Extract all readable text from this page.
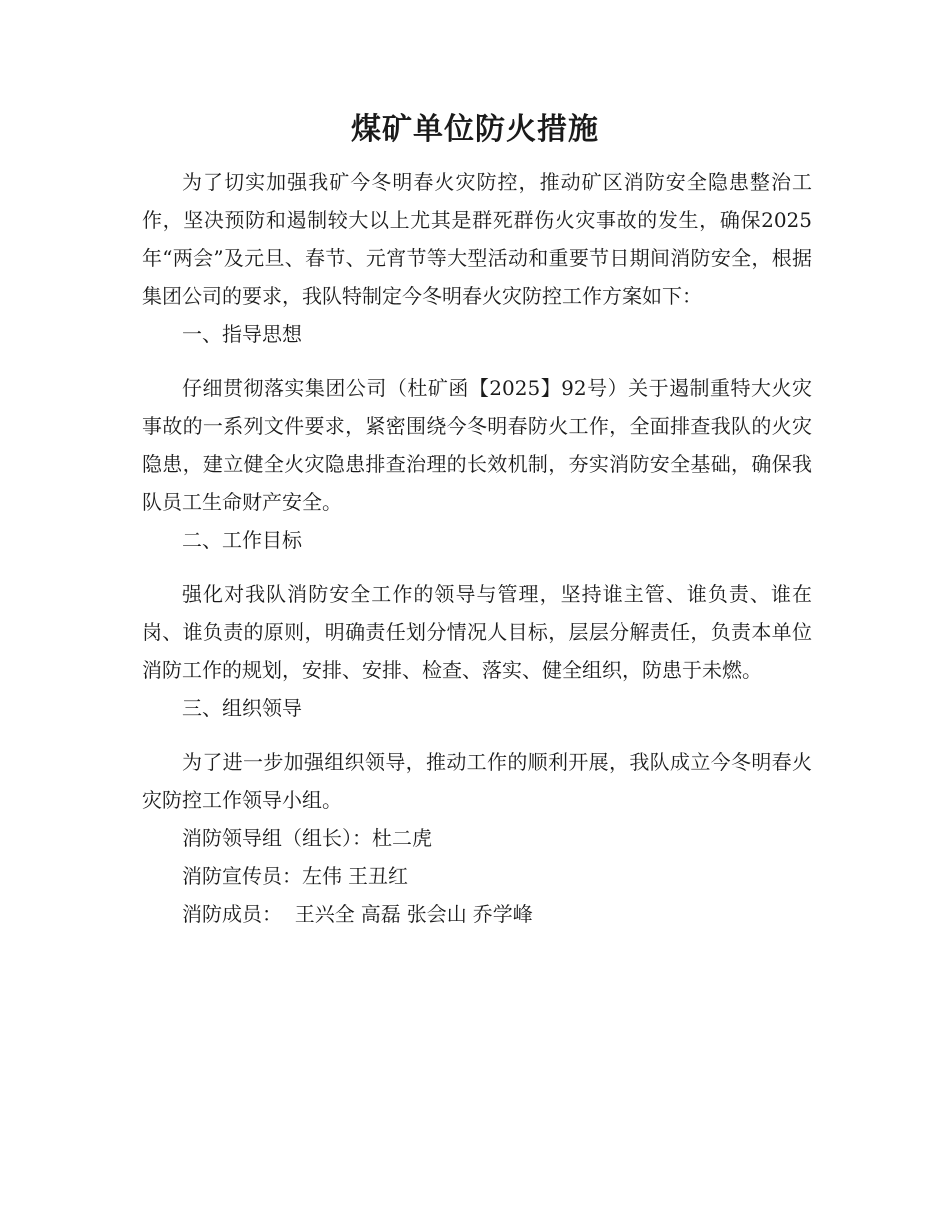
煤矿单位防火措施

为了切实加强我矿今冬明春火灾防控，推动矿区消防安全隐患整治工作，坚决预防和遏制较大以上尤其是群死群伤火灾事故的发生，确保2025年“两会”及元旦、春节、元宵节等大型活动和重要节日期间消防安全，根据集团公司的要求，我队特制定今冬明春火灾防控工作方案如下：

一、指导思想

仔细贯彻落实集团公司（杜矿函【2025】92号）关于遏制重特大火灾事故的一系列文件要求，紧密围绕今冬明春防火工作，全面排查我队的火灾隐患，建立健全火灾隐患排查治理的长效机制，夯实消防安全基础，确保我队员工生命财产安全。

二、工作目标

强化对我队消防安全工作的领导与管理，坚持谁主管、谁负责、谁在岗、谁负责的原则，明确责任划分情况人目标，层层分解责任，负责本单位消防工作的规划，安排、安排、检查、落实、健全组织，防患于未燃。

三、组织领导

为了进一步加强组织领导，推动工作的顺利开展，我队成立今冬明春火灾防控工作领导小组。

消防领导组（组长）：杜二虎

消防宣传员：左伟 王丑红

消防成员： 王兴全 高磊 张会山 乔学峰
